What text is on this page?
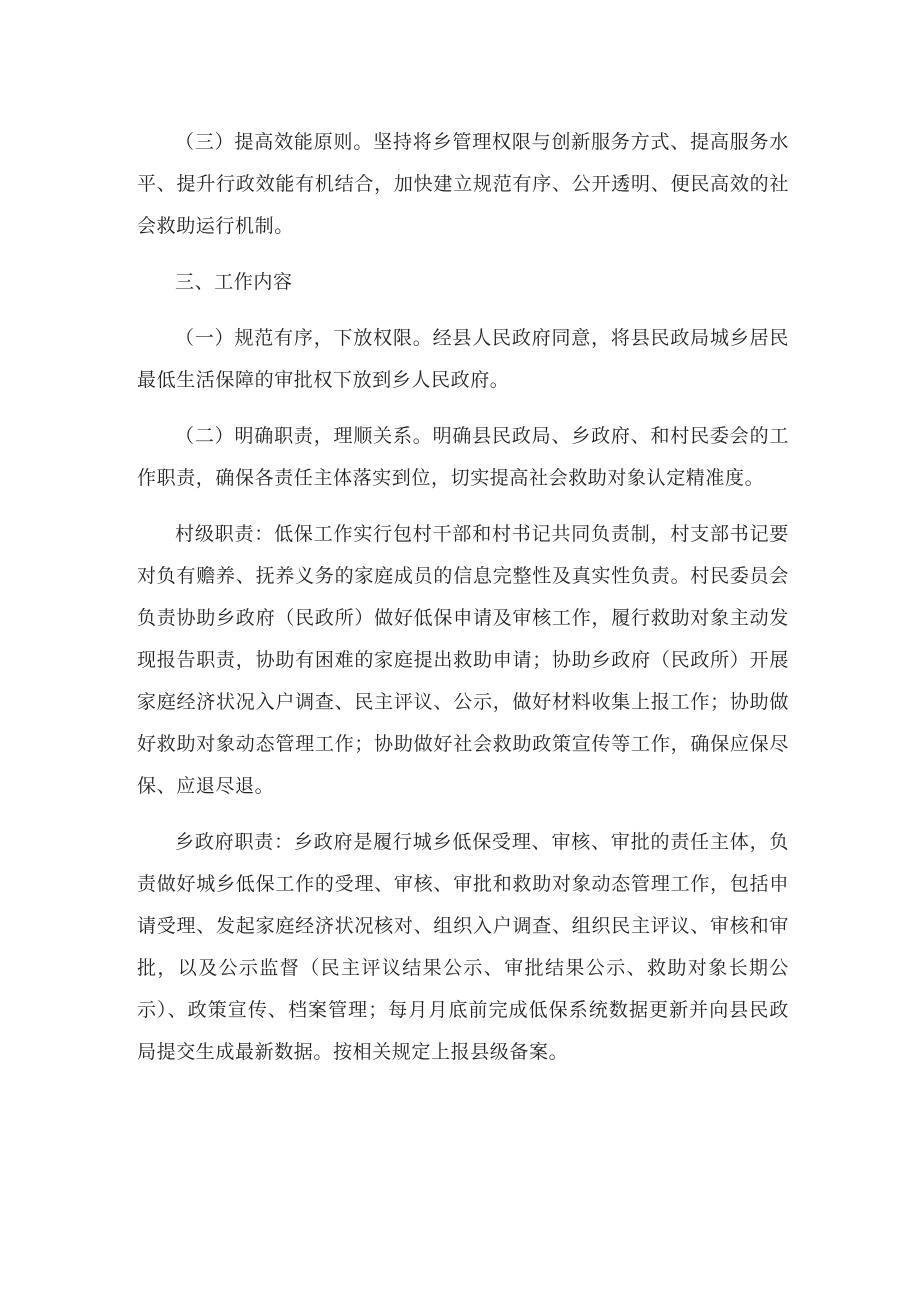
（三）提高效能原则。坚持将乡管理权限与创新服务方式、提高服务水平、提升行政效能有机结合，加快建立规范有序、公开透明、便民高效的社会救助运行机制。

三、工作内容

（一）规范有序，下放权限。经县人民政府同意，将县民政局城乡居民最低生活保障的审批权下放到乡人民政府。

（二）明确职责，理顺关系。明确县民政局、乡政府、和村民委会的工作职责，确保各责任主体落实到位，切实提高社会救助对象认定精准度。

村级职责：低保工作实行包村干部和村书记共同负责制，村支部书记要对负有赡养、抚养义务的家庭成员的信息完整性及真实性负责。村民委员会负责协助乡政府（民政所）做好低保申请及审核工作，履行救助对象主动发现报告职责，协助有困难的家庭提出救助申请；协助乡政府（民政所）开展家庭经济状况入户调查、民主评议、公示，做好材料收集上报工作；协助做好救助对象动态管理工作；协助做好社会救助政策宣传等工作，确保应保尽保、应退尽退。

乡政府职责：乡政府是履行城乡低保受理、审核、审批的责任主体，负责做好城乡低保工作的受理、审核、审批和救助对象动态管理工作，包括申请受理、发起家庭经济状况核对、组织入户调查、组织民主评议、审核和审批，以及公示监督（民主评议结果公示、审批结果公示、救助对象长期公示）、政策宣传、档案管理；每月月底前完成低保系统数据更新并向县民政局提交生成最新数据。按相关规定上报县级备案。
